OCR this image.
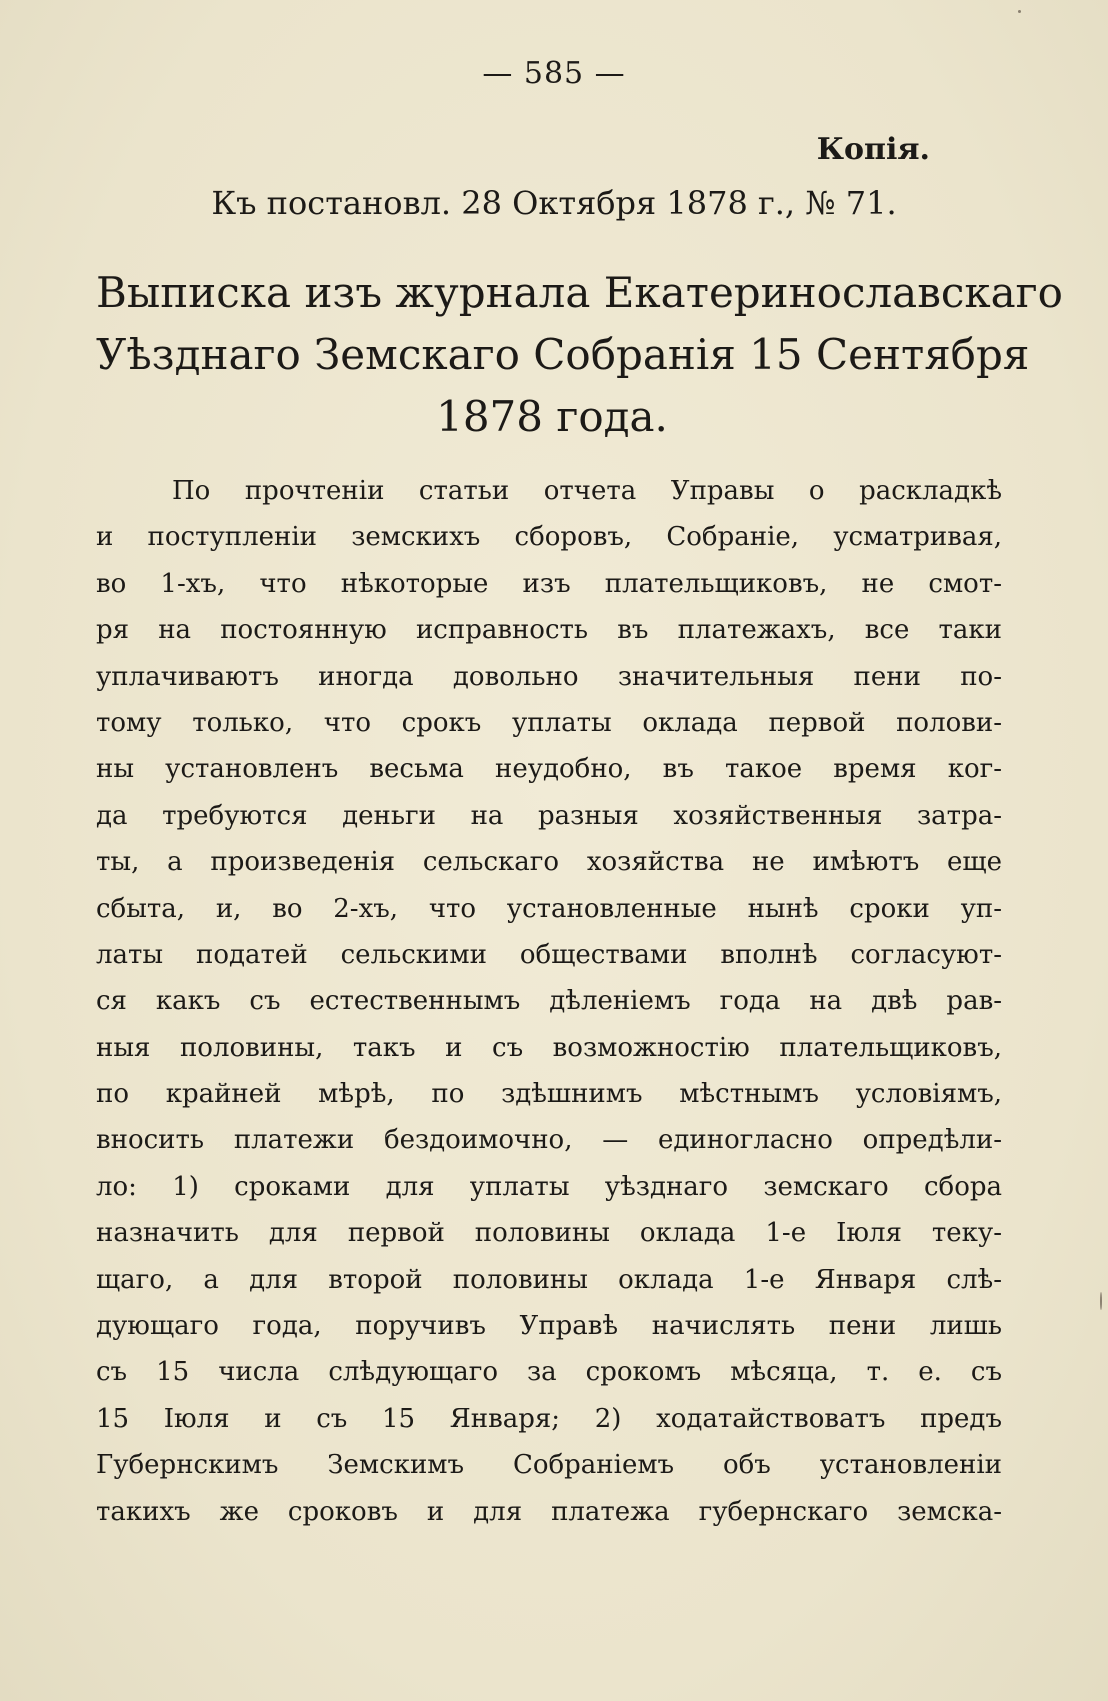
— 585 —
Копія.
Къ постановл. 28 Октября 1878 г., № 71.
Выписка изъ журнала Екатеринославскаго
Уѣзднаго Земскаго Собранія 15 Сентября
1878 года.
По прочтеніи статьи отчета Управы о раскладкѣ
и поступленіи земскихъ сборовъ, Собраніе, усматривая,
во 1-хъ, что нѣкоторые изъ плательщиковъ, не смот-
ря на постоянную исправность въ платежахъ, все таки
уплачиваютъ иногда довольно значительныя пени по-
тому только, что срокъ уплаты оклада первой полови-
ны установленъ весьма неудобно, въ такое время ког-
да требуются деньги на разныя хозяйственныя затра-
ты, а произведенія сельскаго хозяйства не имѣютъ еще
сбыта, и, во 2-хъ, что установленные нынѣ сроки уп-
латы податей сельскими обществами вполнѣ согласуют-
ся какъ съ естественнымъ дѣленіемъ года на двѣ рав-
ныя половины, такъ и съ возможностію плательщиковъ,
по крайней мѣрѣ, по здѣшнимъ мѣстнымъ условіямъ,
вносить платежи бездоимочно, — единогласно опредѣли-
ло: 1) сроками для уплаты уѣзднаго земскаго сбора
назначить для первой половины оклада 1-е Іюля теку-
щаго, а для второй половины оклада 1-е Января слѣ-
дующаго года, поручивъ Управѣ начислять пени лишь
съ 15 числа слѣдующаго за срокомъ мѣсяца, т. е. съ
15 Іюля и съ 15 Января; 2) ходатайствоватъ предъ
Губернскимъ Земскимъ Собраніемъ объ установленіи
такихъ же сроковъ и для платежа губернскаго земска-
